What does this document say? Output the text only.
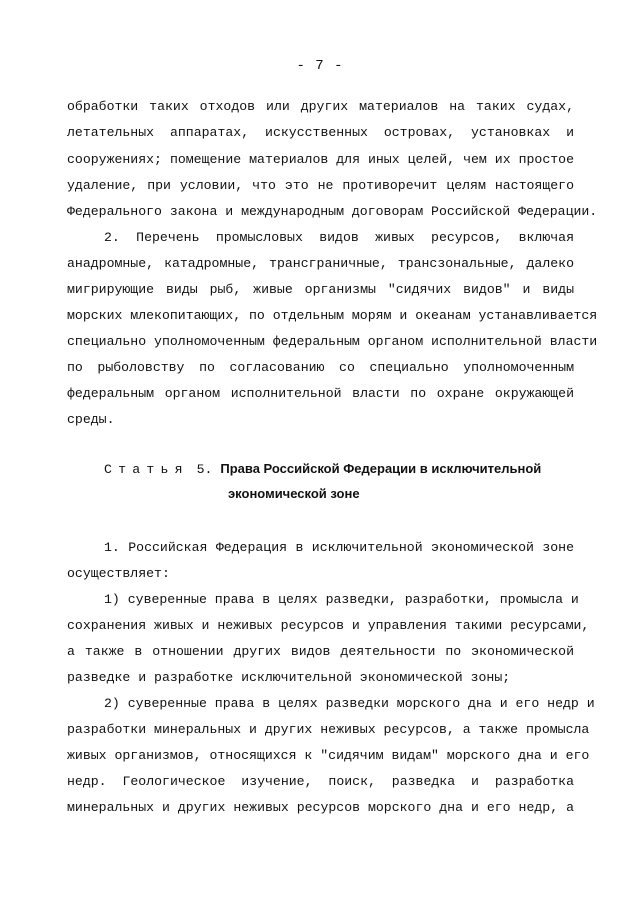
- 7 -
обработки таких отходов или других материалов на таких судах,
летательных аппаратах, искусственных островах, установках и
сооружениях; помещение материалов для иных целей, чем их простое
удаление, при условии, что это не противоречит целям настоящего
Федерального закона и международным договорам Российской Федерации.
2. Перечень промысловых видов живых ресурсов, включая
анадромные, катадромные, трансграничные, трансзональные, далеко
мигрирующие виды рыб, живые организмы "сидячих видов" и виды
морских млекопитающих, по отдельным морям и океанам устанавливается
специально уполномоченным федеральным органом исполнительной власти
по рыболовству по согласованию со специально уполномоченным
федеральным органом исполнительной власти по охране окружающей
среды.
Статья 5. Права Российской Федерации в исключительной
экономической зоне
1. Российская Федерация в исключительной экономической зоне
осуществляет:
1) суверенные права в целях разведки, разработки, промысла и
сохранения живых и неживых ресурсов и управления такими ресурсами,
а также в отношении других видов деятельности по экономической
разведке и разработке исключительной экономической зоны;
2) суверенные права в целях разведки морского дна и его недр и
разработки минеральных и других неживых ресурсов, а также промысла
живых организмов, относящихся к "сидячим видам" морского дна и его
недр. Геологическое изучение, поиск, разведка и разработка
минеральных и других неживых ресурсов морского дна и его недр, а
